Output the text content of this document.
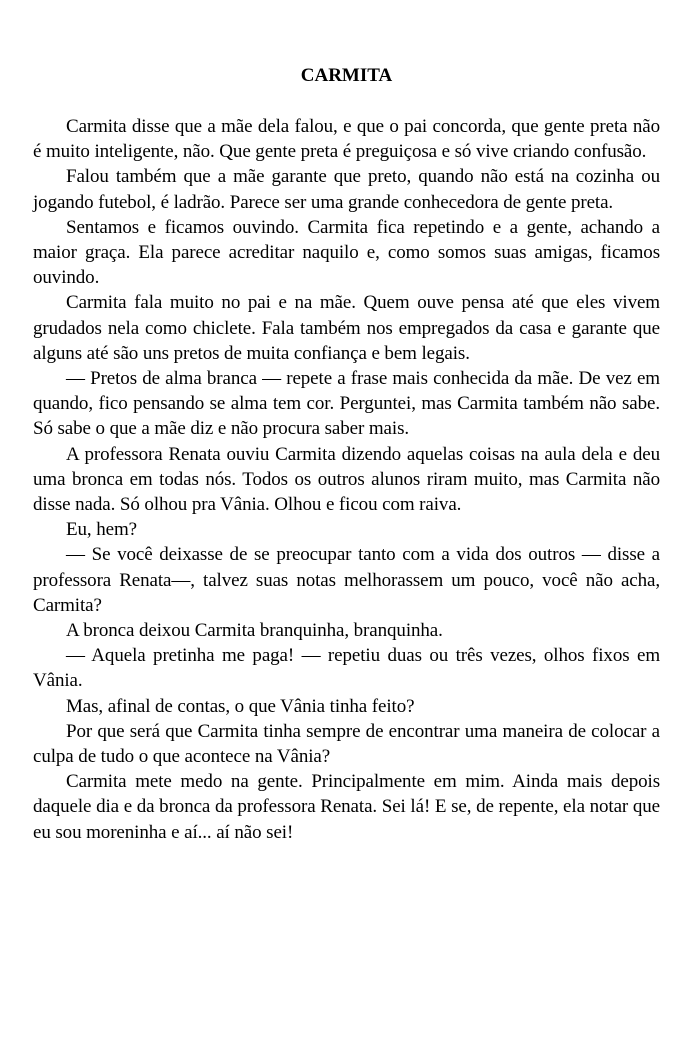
CARMITA

Carmita disse que a mãe dela falou, e que o pai concorda, que gente preta não é muito inteligente, não. Que gente preta é preguiçosa e só vive criando confusão.

Falou também que a mãe garante que preto, quando não está na cozinha ou jogando futebol, é ladrão. Parece ser uma grande conhecedora de gente preta.

Sentamos e ficamos ouvindo. Carmita fica repetindo e a gente, achando a maior graça. Ela parece acreditar naquilo e, como somos suas amigas, ficamos ouvindo.

Carmita fala muito no pai e na mãe. Quem ouve pensa até que eles vivem grudados nela como chiclete. Fala também nos empregados da casa e garante que alguns até são uns pretos de muita confiança e bem legais.

— Pretos de alma branca — repete a frase mais conhecida da mãe. De vez em quando, fico pensando se alma tem cor. Perguntei, mas Carmita também não sabe. Só sabe o que a mãe diz e não procura saber mais.

A professora Renata ouviu Carmita dizendo aquelas coisas na aula dela e deu uma bronca em todas nós. Todos os outros alunos riram muito, mas Carmita não disse nada. Só olhou pra Vânia. Olhou e ficou com raiva.

Eu, hem?

— Se você deixasse de se preocupar tanto com a vida dos outros — disse a professora Renata—, talvez suas notas melhorassem um pouco, você não acha, Carmita?

A bronca deixou Carmita branquinha, branquinha.

— Aquela pretinha me paga! — repetiu duas ou três vezes, olhos fixos em Vânia.

Mas, afinal de contas, o que Vânia tinha feito?

Por que será que Carmita tinha sempre de encontrar uma maneira de colocar a culpa de tudo o que acontece na Vânia?

Carmita mete medo na gente. Principalmente em mim. Ainda mais depois daquele dia e da bronca da professora Renata. Sei lá! E se, de repente, ela notar que eu sou moreninha e aí... aí não sei!
